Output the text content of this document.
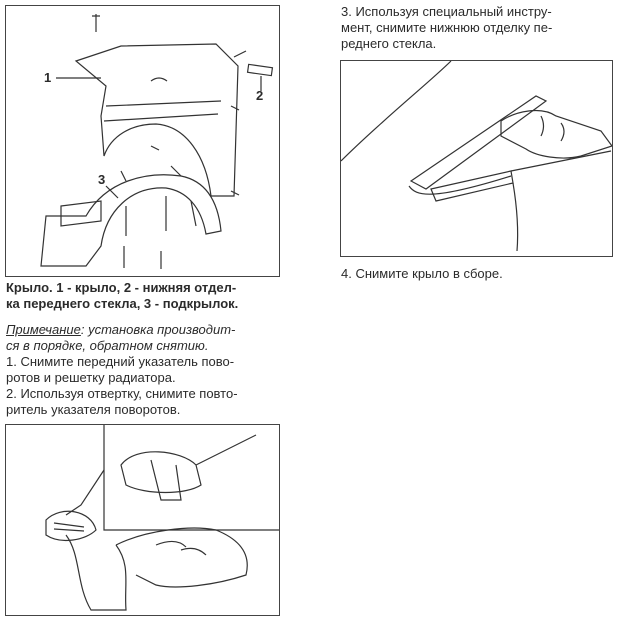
1
2
3
Крыло. 1 - крыло, 2 - нижняя отдел-
ка переднего стекла, 3 - подкрылок.
Примечание: установка производит-
ся в порядке, обратном снятию.
1. Снимите передний указатель пово-
ротов и решетку радиатора.
2. Используя отвертку, снимите повто-
ритель указателя поворотов.
3. Используя специальный инстру-
мент, снимите нижнюю отделку пе-
реднего стекла.
4. Снимите крыло в сборе.
